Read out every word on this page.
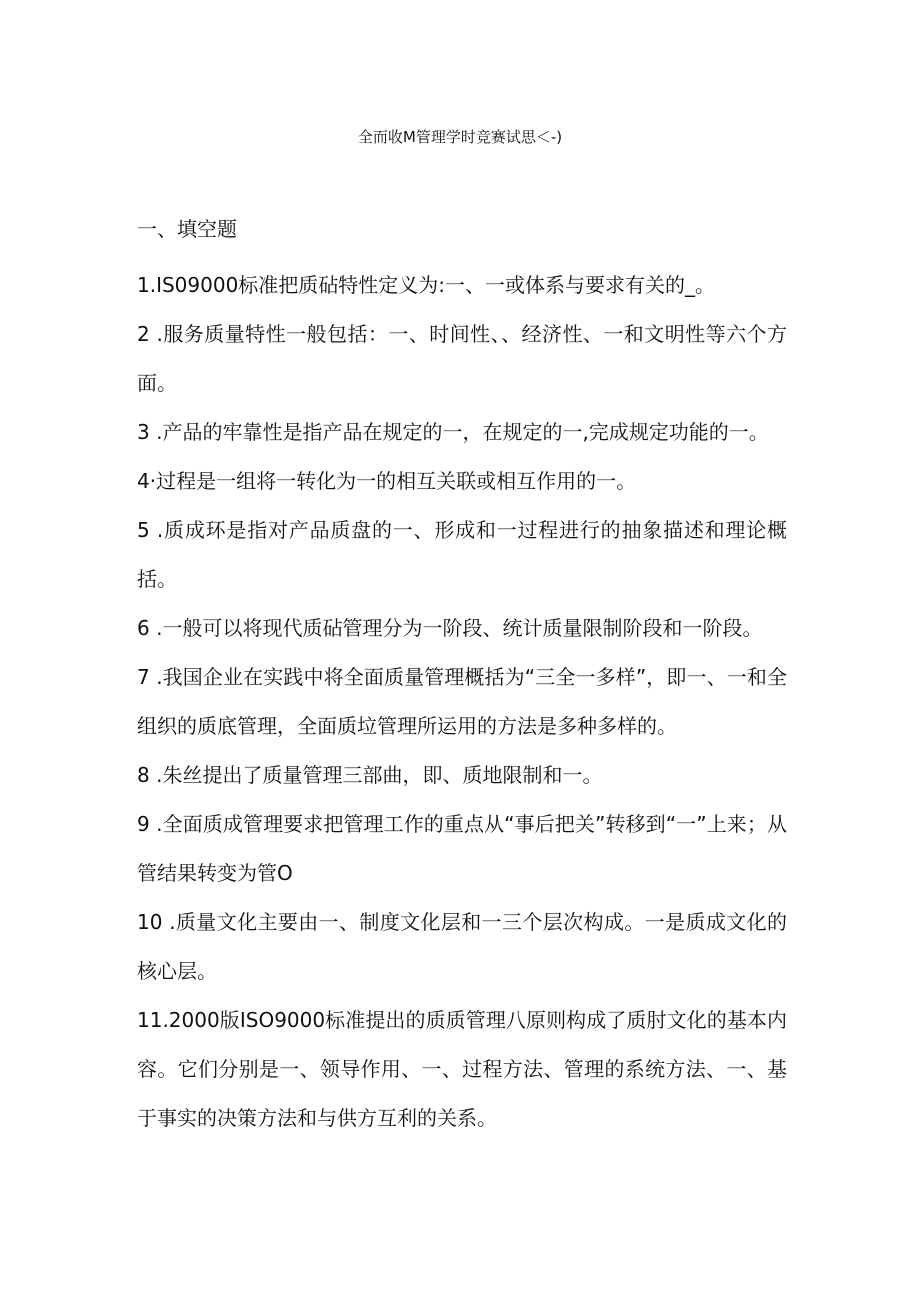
全而收M管理学时竞赛试思＜-)
一、填空题

1.IS09000标准把质砧特性定义为:一、一或体系与要求有关的_。

2 .服务质量特性一般包括：一、时间性、、经济性、一和文明性等六个方面。

3 .产品的牢靠性是指产品在规定的一，在规定的一,完成规定功能的一。

4·过程是一组将一转化为一的相互关联或相互作用的一。

5 .质成环是指对产品质盘的一、形成和一过程进行的抽象描述和理论概括。

6 .一般可以将现代质砧管理分为一阶段、统计质量限制阶段和一阶段。

7 .我国企业在实践中将全面质量管理概括为“三全一多样”，即一、一和全组织的质底管理，全面质垃管理所运用的方法是多种多样的。

8 .朱丝提出了质量管理三部曲，即、质地限制和一。

9 .全面质成管理要求把管理工作的重点从“事后把关”转移到“一”上来；从管结果转变为管O

10 .质量文化主要由一、制度文化层和一三个层次构成。一是质成文化的核心层。

11.2000版ISO9000标准提出的质质管理八原则构成了质肘文化的基本内容。它们分别是一、领导作用、一、过程方法、管理的系统方法、一、基于事实的决策方法和与供方互利的关系。
